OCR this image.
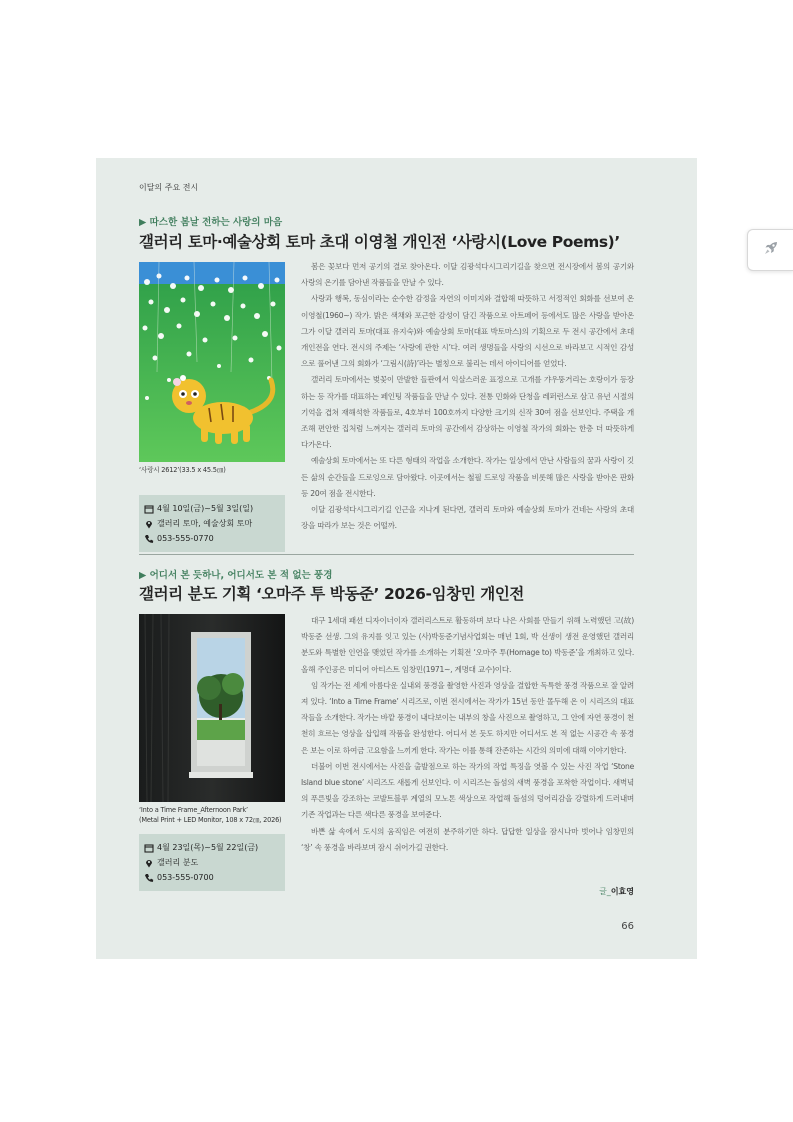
이달의 주요 전시
▶ 따스한 봄날 전하는 사랑의 마음
갤러리 토마·예술상회 토마 초대 이영철 개인전 ‘사랑시(Love Poems)’
‘사랑시 2612’(33.5 x 45.5㎝)
4월 10일(금)~5월 3일(일)
갤러리 토마, 예술상회 토마
053-555-0770

봄은 꽃보다 먼저 공기의 결로 찾아온다. 이달 김광석다시그리기길을 찾으면 전시장에서 봄의 공기와 사랑의 온기를 담아낸 작품들을 만날 수 있다.

사랑과 행복, 동심이라는 순수한 감정을 자연의 이미지와 결합해 따뜻하고 서정적인 회화를 선보여 온 이영철(1960~) 작가. 밝은 색채와 포근한 감성이 담긴 작품으로 아트페어 등에서도 많은 사랑을 받아온 그가 이달 갤러리 토마(대표 유지숙)와 예술상회 토마(대표 박토마스)의 기획으로 두 전시 공간에서 초대 개인전을 연다. 전시의 주제는 ‘사랑에 관한 시’다. 여러 생명들을 사랑의 시선으로 바라보고 시적인 감성으로 풀어낸 그의 회화가 ‘그림시(詩)’라는 별칭으로 불리는 데서 아이디어를 얻었다.

갤러리 토마에서는 벚꽃이 만발한 들판에서 익살스러운 표정으로 고개를 갸우뚱거리는 호랑이가 등장하는 등 작가를 대표하는 페인팅 작품들을 만날 수 있다. 전통 민화와 단청을 레퍼런스로 삼고 유년 시절의 기억을 겹쳐 재해석한 작품들로, 4호부터 100호까지 다양한 크기의 신작 30여 점을 선보인다. 주택을 개조해 편안한 집처럼 느껴지는 갤러리 토마의 공간에서 감상하는 이영철 작가의 회화는 한층 더 따뜻하게 다가온다.

예술상회 토마에서는 또 다른 형태의 작업을 소개한다. 작가는 일상에서 만난 사람들의 꿈과 사랑이 깃든 삶의 순간들을 드로잉으로 담아왔다. 이곳에서는 철필 드로잉 작품을 비롯해 많은 사랑을 받아온 판화 등 20여 점을 전시한다.

이달 김광석다시그리기길 인근을 지나게 된다면, 갤러리 토마와 예술상회 토마가 건네는 사랑의 초대장을 따라가 보는 것은 어떨까.

▶ 어디서 본 듯하나, 어디서도 본 적 없는 풍경
갤러리 분도 기획 ‘오마주 투 박동준’ 2026-임창민 개인전
‘Into a Time Frame_Afternoon Park’
(Metal Print + LED Monitor, 108 x 72㎝, 2026)
4월 23일(목)~5월 22일(금)
갤러리 분도
053-555-0700

대구 1세대 패션 디자이너이자 갤러리스트로 활동하며 보다 나은 사회를 만들기 위해 노력했던 고(故) 박동준 선생. 그의 유지를 잇고 있는 (사)박동준기념사업회는 매년 1회, 박 선생이 생전 운영했던 갤러리 분도와 특별한 인연을 맺었던 작가를 소개하는 기획전 ‘오마주 투(Homage to) 박동준’을 개최하고 있다. 올해 주인공은 미디어 아티스트 임창민(1971~, 계명대 교수)이다.

임 작가는 전 세계 아름다운 실내외 풍경을 촬영한 사진과 영상을 결합한 독특한 풍경 작품으로 잘 알려져 있다. ‘Into a Time Frame’ 시리즈로, 이번 전시에서는 작가가 15년 동안 몰두해 온 이 시리즈의 대표작들을 소개한다. 작가는 바깥 풍경이 내다보이는 내부의 창을 사진으로 촬영하고, 그 안에 자연 풍경이 천천히 흐르는 영상을 삽입해 작품을 완성한다. 어디서 본 듯도 하지만 어디서도 본 적 없는 시공간 속 풍경은 보는 이로 하여금 고요함을 느끼게 한다. 작가는 이를 통해 잔존하는 시간의 의미에 대해 이야기한다.

더불어 이번 전시에서는 사진을 출발점으로 하는 작가의 작업 특징을 엿볼 수 있는 사진 작업 ‘Stone Island blue stone’ 시리즈도 새롭게 선보인다. 이 시리즈는 돌섬의 새벽 풍경을 포착한 작업이다. 새벽녘의 푸른빛을 강조하는 코발트블루 계열의 모노톤 색상으로 작업해 돌섬의 덩어리감을 강렬하게 드러내며 기존 작업과는 다른 색다른 풍경을 보여준다.

바쁜 삶 속에서 도시의 움직임은 여전히 분주하기만 하다. 답답한 일상을 잠시나마 벗어나 임창민의 ‘창’ 속 풍경을 바라보며 잠시 쉬어가길 권한다.

글_이효영
66
